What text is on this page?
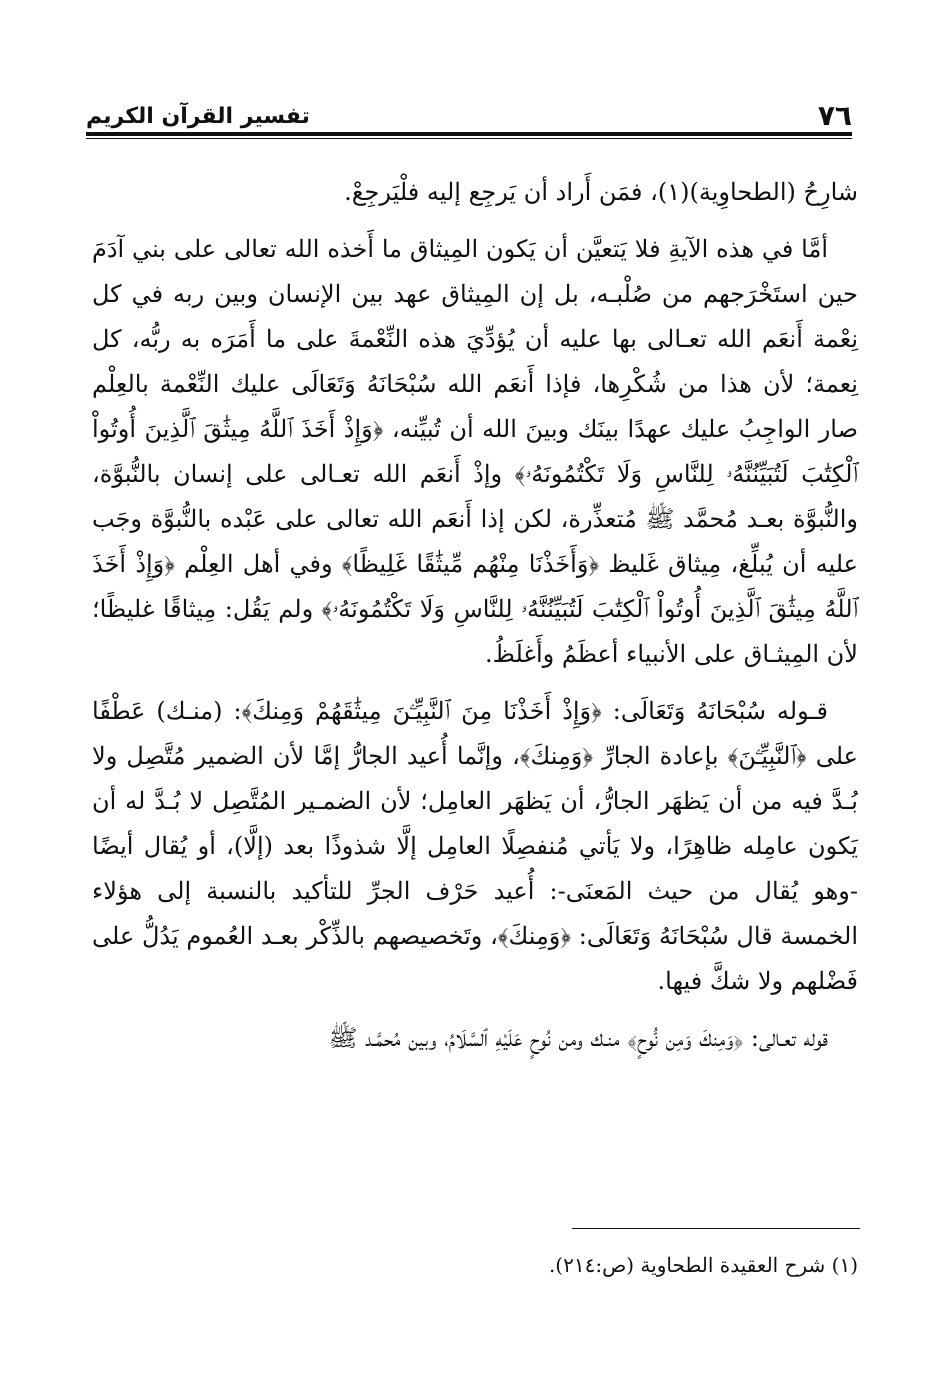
٧٦
تفسير القرآن الكريم

شارِحُ (الطحاوِية)(١)، فمَن أَراد أن يَرجِع إليه فلْيَرجِعْ.

أمَّا في هذه الآيةِ فلا يَتعيَّن أن يَكون المِيثاق ما أَخذه الله تعالى على بني آدَمَ حين استَخْرَجهم من صُلْبـه، بل إن المِيثاق عهد بين الإنسان وبين ربه في كل نِعْمة أَنعَم الله تعـالى بها عليه أن يُؤدِّيَ هذه النِّعْمةَ على ما أَمَرَه به ربُّه، كل نِعمة؛ لأن هذا من شُكْرِها، فإذا أَنعَم الله سُبْحَانَهُ وَتَعَالَى عليك النِّعْمة بالعِلْم صار الواجِبُ عليك عهدًا بينَك وبينَ الله أن تُبيِّنه، ﴿وَإِذْ أَخَذَ ٱللَّهُ مِيثَٰقَ ٱلَّذِينَ أُوتُواْ ٱلْكِتَٰبَ لَتُبَيِّنُنَّهُۥ لِلنَّاسِ وَلَا تَكْتُمُونَهُۥ﴾ وإذْ أَنعَم الله تعـالى على إنسان بالنُّبوَّة، والنُّبوَّة بعـد مُحمَّد ﷺ مُتعذِّرة، لكن إذا أَنعَم الله تعالى على عَبْده بالنُّبوَّة وجَب عليه أن يُبلِّغ، مِيثاق غَليظ ﴿وَأَخَذْنَا مِنْهُم مِّيثَٰقًا غَلِيظًا﴾ وفي أهل العِلْم ﴿وَإِذْ أَخَذَ ٱللَّهُ مِيثَٰقَ ٱلَّذِينَ أُوتُواْ ٱلْكِتَٰبَ لَتُبَيِّنُنَّهُۥ لِلنَّاسِ وَلَا تَكْتُمُونَهُۥ﴾ ولم يَقُل: مِيثاقًا غليظًا؛ لأن المِيثـاق على الأنبياء أعظَمُ وأَغلَظُ.

قـوله سُبْحَانَهُ وَتَعَالَى: ﴿وَإِذْ أَخَذْنَا مِنَ ٱلنَّبِيِّـۧنَ مِيثَٰقَهُمْ وَمِنكَ﴾: (منـك) عَطْفًا على ﴿ٱلنَّبِيِّـۧنَ﴾ بإعادة الجارِّ ﴿وَمِنكَ﴾، وإنَّما أُعيد الجارُّ إمَّا لأن الضمير مُتَّصِل ولا بُـدَّ فيه من أن يَظهَر الجارُّ، أن يَظهَر العامِل؛ لأن الضمـير المُتَّصِل لا بُـدَّ له أن يَكون عامِله ظاهِرًا، ولا يَأتي مُنفصِلًا العامِل إلَّا شذوذًا بعد (إلَّا)، أو يُقال أيضًا -وهو يُقال من حيث المَعنَى-: أُعيد حَرْف الجرِّ للتأكيد بالنسبة إلى هؤلاء الخمسة قال سُبْحَانَهُ وَتَعَالَى: ﴿وَمِنكَ﴾، وتَخصيصهم بالذِّكْر بعـد العُموم يَدُلُّ على فَضْلهم ولا شكَّ فيها.

قوله تعـالى: ﴿وَمِنكَ وَمِن نُّوحٍ﴾ منـك ومن نُوحٍ عَلَيْهِ ٱلسَّلَامُ، وبين مُحمَّـد ﷺ

(١) شرح العقيدة الطحاوية (ص:٢١٤).
